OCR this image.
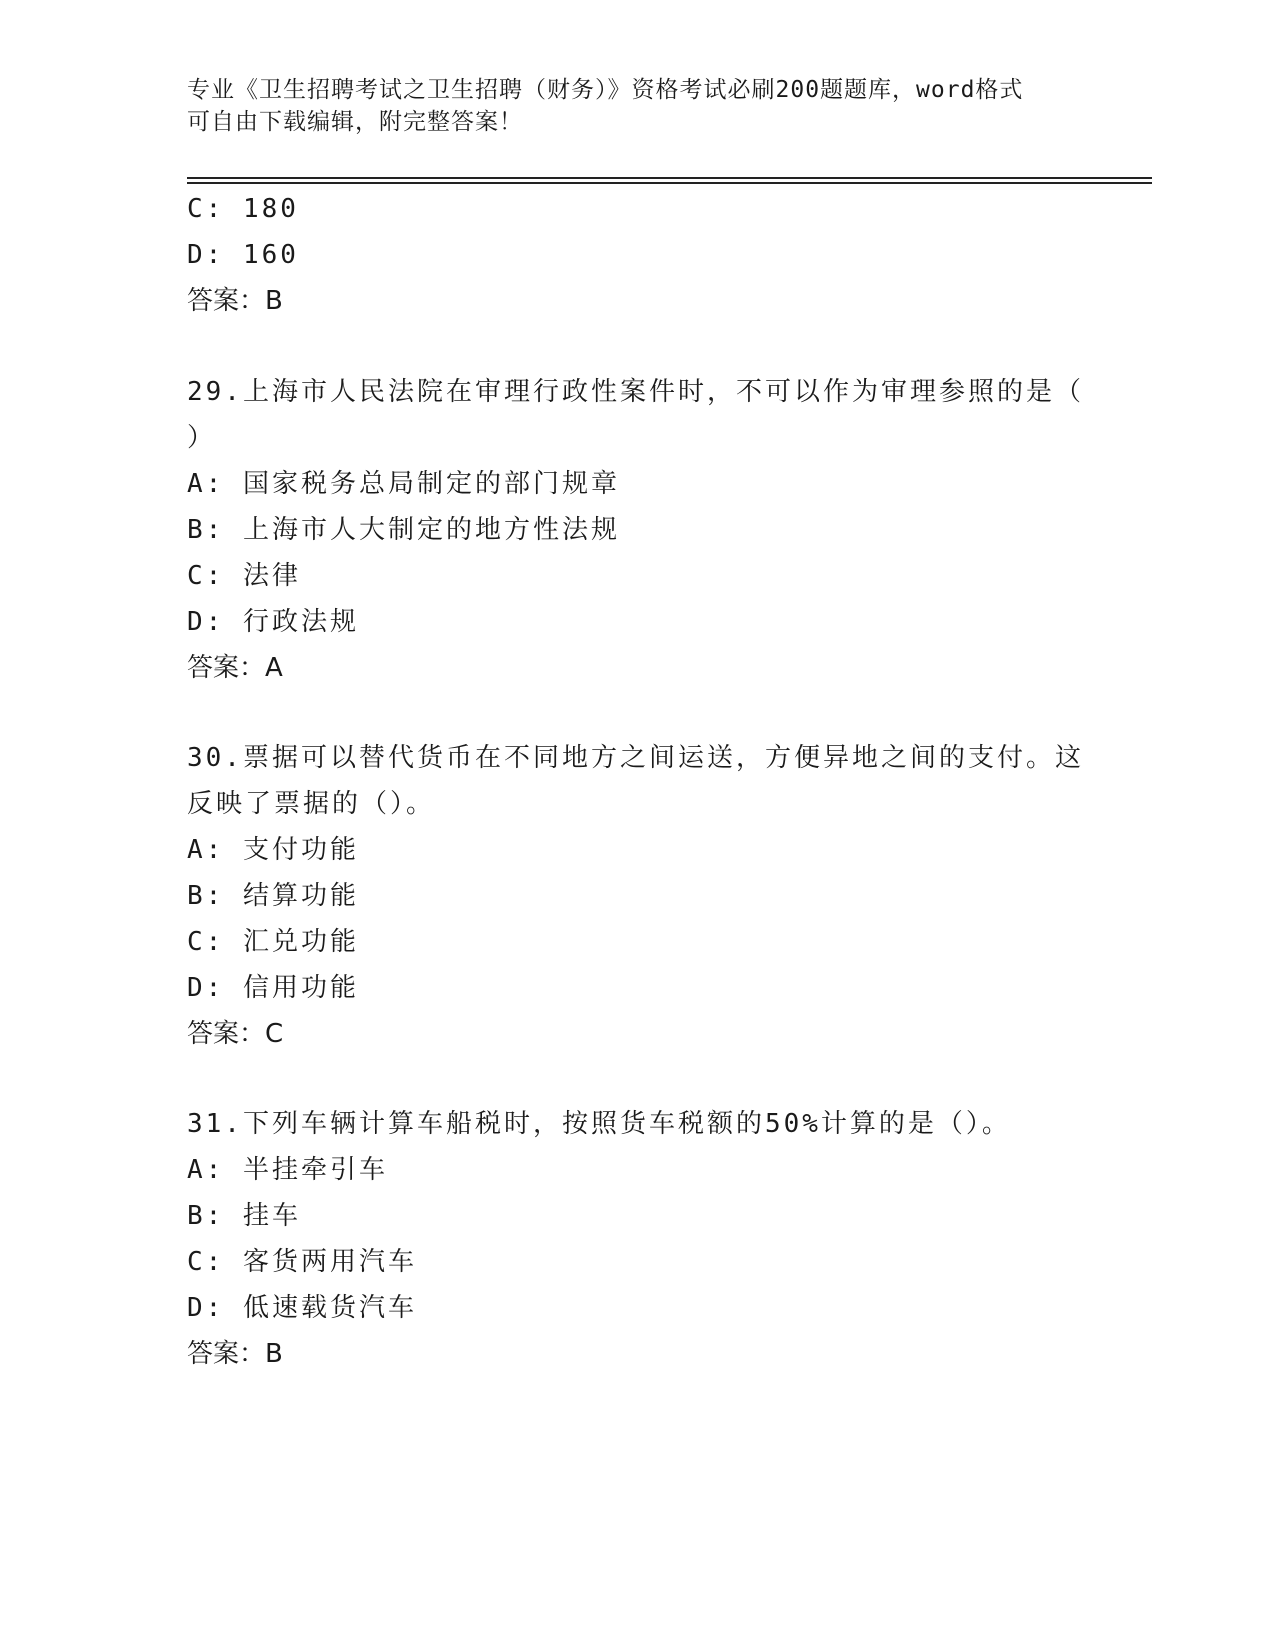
专业《卫生招聘考试之卫生招聘（财务）》资格考试必刷200题题库，word格式
可自由下载编辑，附完整答案！
C: 180
D: 160
答案：B
29.上海市人民法院在审理行政性案件时，不可以作为审理参照的是（
）
A: 国家税务总局制定的部门规章
B: 上海市人大制定的地方性法规
C: 法律
D: 行政法规
答案：A
30.票据可以替代货币在不同地方之间运送，方便异地之间的支付。这
反映了票据的（）。
A: 支付功能
B: 结算功能
C: 汇兑功能
D: 信用功能
答案：C
31.下列车辆计算车船税时，按照货车税额的50%计算的是（）。
A: 半挂牵引车
B: 挂车
C: 客货两用汽车
D: 低速载货汽车
答案：B
